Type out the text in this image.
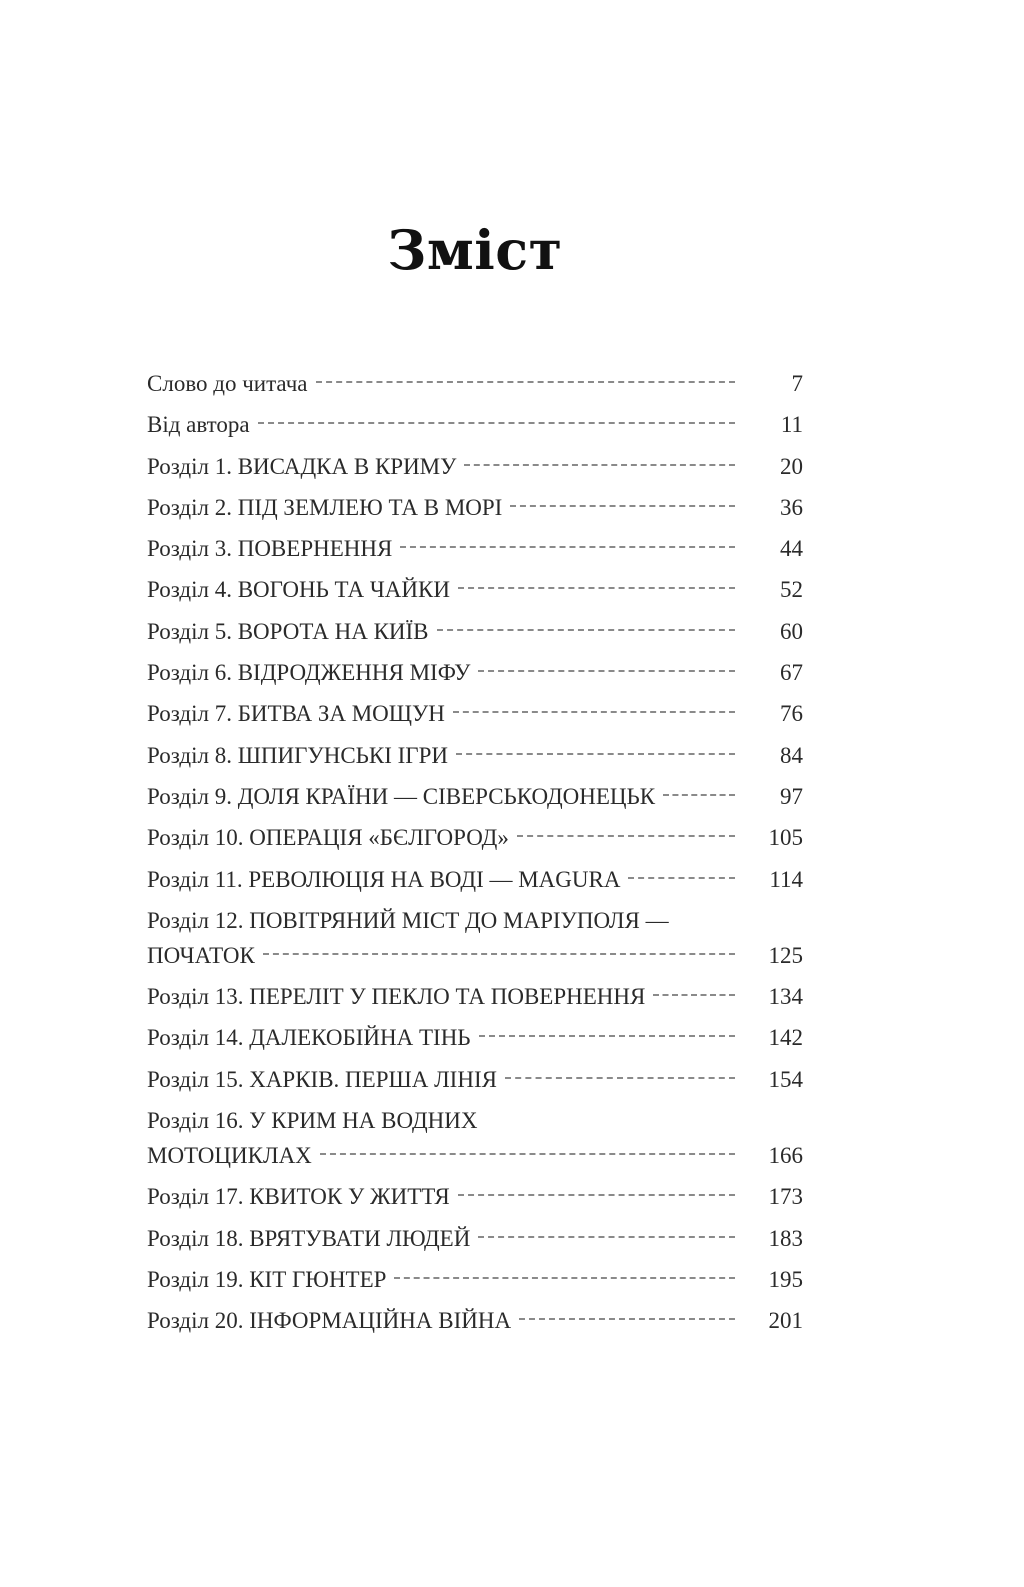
Зміст
Слово до читача	7
Від автора	11
Розділ 1. ВИСАДКА В КРИМУ	20
Розділ 2. ПІД ЗЕМЛЕЮ ТА В МОРІ	36
Розділ 3. ПОВЕРНЕННЯ	44
Розділ 4. ВОГОНЬ ТА ЧАЙКИ	52
Розділ 5. ВОРОТА НА КИЇВ	60
Розділ 6. ВІДРОДЖЕННЯ МІФУ	67
Розділ 7. БИТВА ЗА МОЩУН	76
Розділ 8. ШПИГУНСЬКІ ІГРИ	84
Розділ 9. ДОЛЯ КРАЇНИ — СІВЕРСЬКОДОНЕЦЬК	97
Розділ 10. ОПЕРАЦІЯ «БЄЛГОРОД»	105
Розділ 11. РЕВОЛЮЦІЯ НА ВОДІ — MAGURA	114
Розділ 12. ПОВІТРЯНИЙ МІСТ ДО МАРІУПОЛЯ —
ПОЧАТОК	125
Розділ 13. ПЕРЕЛІТ У ПЕКЛО ТА ПОВЕРНЕННЯ	134
Розділ 14. ДАЛЕКОБІЙНА ТІНЬ	142
Розділ 15. ХАРКІВ. ПЕРША ЛІНІЯ	154
Розділ 16. У КРИМ НА ВОДНИХ
МОТОЦИКЛАХ	166
Розділ 17. КВИТОК У ЖИТТЯ	173
Розділ 18. ВРЯТУВАТИ ЛЮДЕЙ	183
Розділ 19. КІТ ГЮНТЕР	195
Розділ 20. ІНФОРМАЦІЙНА ВІЙНА	201
